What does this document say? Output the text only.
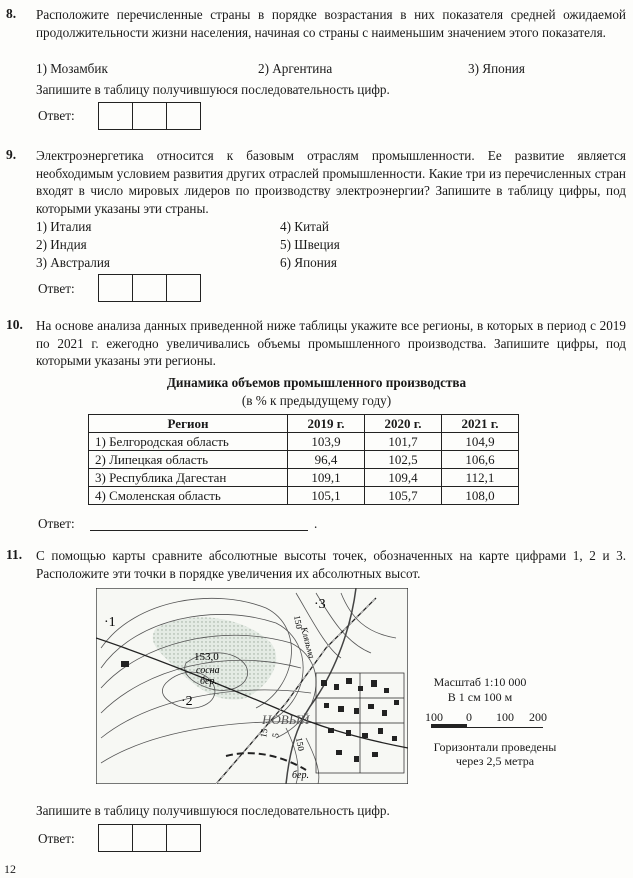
8. Расположите перечисленные страны в порядке возрастания в них показателя средней ожидаемой продолжительности жизни населения, начиная со страны с наименьшим значением этого показателя.
1) Мозамбик	2) Аргентина	3) Япония
Запишите в таблицу получившуюся последовательность цифр.
Ответ:
9. Электроэнергетика относится к базовым отраслям промышленности. Ее развитие является необходимым условием развития других отраслей промышленности. Какие три из перечисленных стран входят в число мировых лидеров по производству электроэнергии? Запишите в таблицу цифры, под которыми указаны эти страны.
1) Италия
2) Индия
3) Австралия
4) Китай
5) Швеция
6) Япония
Ответ:
10. На основе анализа данных приведенной ниже таблицы укажите все регионы, в которых в период с 2019 по 2021 г. ежегодно увеличивались объемы промышленного производства. Запишите цифры, под которыми указаны эти регионы.
Динамика объемов промышленного производства
(в % к предыдущему году)
Регион	2019 г.	2020 г.	2021 г.
1) Белгородская область	103,9	101,7	104,9
2) Липецкая область	96,4	102,5	106,6
3) Республика Дагестан	109,1	109,4	112,1
4) Смоленская область	105,1	105,7	108,0
Ответ:	.
11. С помощью карты сравните абсолютные высоты точек, обозначенных на карте цифрами 1, 2 и 3. Расположите эти точки в порядке увеличения их абсолютных высот.
·1
·2
·3
153,0
сосна
бер.
бер.
НОВЫЙ
150
150
Клязьма
15 5
Масштаб 1:10 000
В 1 см 100 м
100 0 100 200
Горизонтали проведены
через 2,5 метра
Запишите в таблицу получившуюся последовательность цифр.
Ответ:
12
